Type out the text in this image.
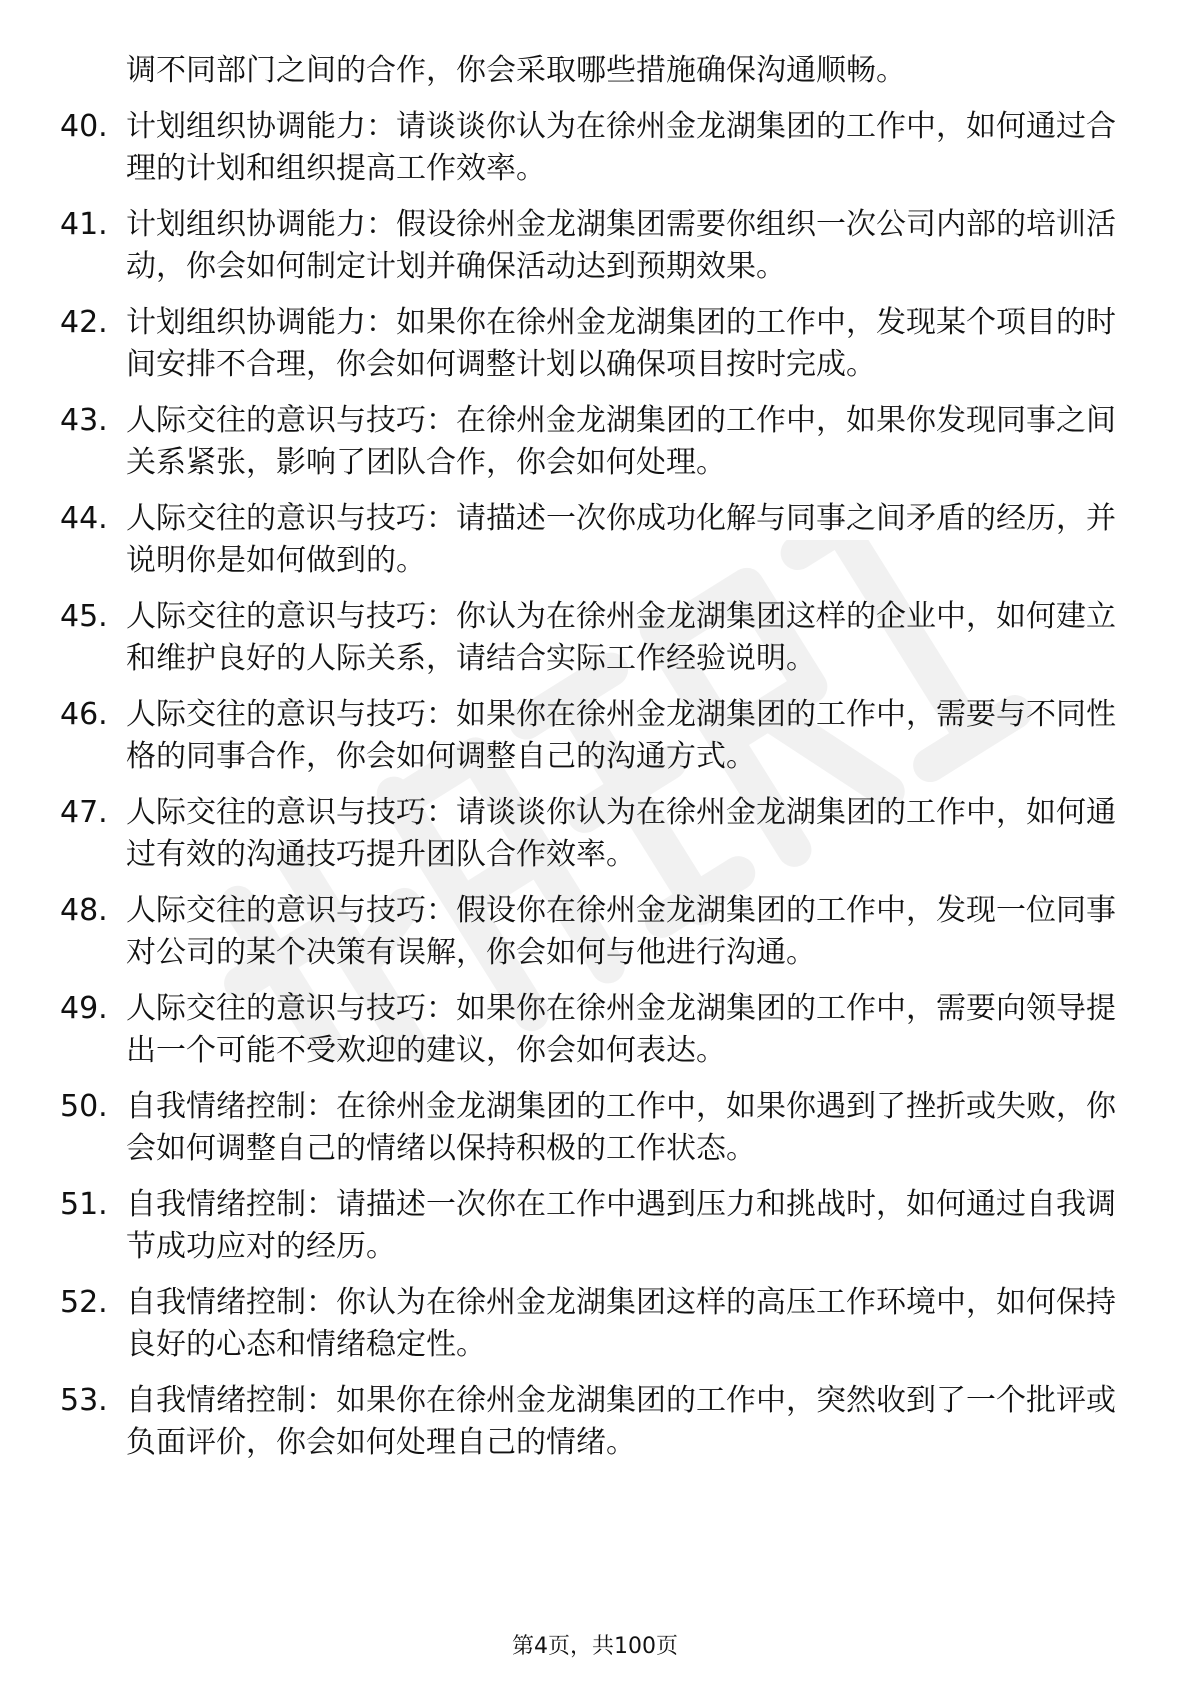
调不同部门之间的合作，你会采取哪些措施确保沟通顺畅。

40. 计划组织协调能力：请谈谈你认为在徐州金龙湖集团的工作中，如何通过合理的计划和组织提高工作效率。
41. 计划组织协调能力：假设徐州金龙湖集团需要你组织一次公司内部的培训活动，你会如何制定计划并确保活动达到预期效果。
42. 计划组织协调能力：如果你在徐州金龙湖集团的工作中，发现某个项目的时间安排不合理，你会如何调整计划以确保项目按时完成。
43. 人际交往的意识与技巧：在徐州金龙湖集团的工作中，如果你发现同事之间关系紧张，影响了团队合作，你会如何处理。
44. 人际交往的意识与技巧：请描述一次你成功化解与同事之间矛盾的经历，并说明你是如何做到的。
45. 人际交往的意识与技巧：你认为在徐州金龙湖集团这样的企业中，如何建立和维护良好的人际关系，请结合实际工作经验说明。
46. 人际交往的意识与技巧：如果你在徐州金龙湖集团的工作中，需要与不同性格的同事合作，你会如何调整自己的沟通方式。
47. 人际交往的意识与技巧：请谈谈你认为在徐州金龙湖集团的工作中，如何通过有效的沟通技巧提升团队合作效率。
48. 人际交往的意识与技巧：假设你在徐州金龙湖集团的工作中，发现一位同事对公司的某个决策有误解，你会如何与他进行沟通。
49. 人际交往的意识与技巧：如果你在徐州金龙湖集团的工作中，需要向领导提出一个可能不受欢迎的建议，你会如何表达。
50. 自我情绪控制：在徐州金龙湖集团的工作中，如果你遇到了挫折或失败，你会如何调整自己的情绪以保持积极的工作状态。
51. 自我情绪控制：请描述一次你在工作中遇到压力和挑战时，如何通过自我调节成功应对的经历。
52. 自我情绪控制：你认为在徐州金龙湖集团这样的高压工作环境中，如何保持良好的心态和情绪稳定性。
53. 自我情绪控制：如果你在徐州金龙湖集团的工作中，突然收到了一个批评或负面评价，你会如何处理自己的情绪。
第4页，共100页
